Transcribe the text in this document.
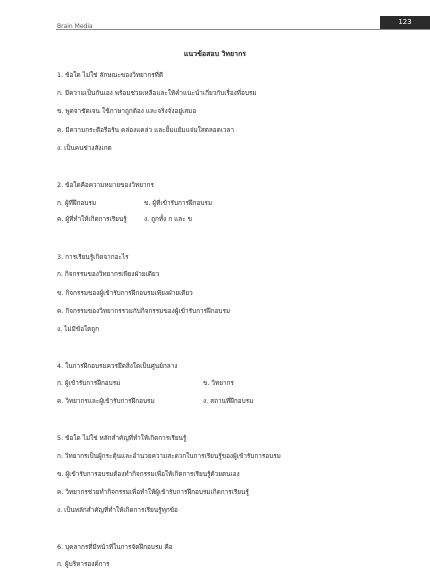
Brain Media
123
แนวข้อสอบ วิทยากร
1. ข้อใด ไม่ใช่ ลักษณะของวิทยากรที่ดี
ก. มีความเป็นกันเอง พร้อมช่วยเหลือและให้คำแนะนำเกี่ยวกับเรื่องที่อบรม
ข. พูดจาชัดเจน ใช้ภาษาถูกต้อง และจริงจังอยู่เสมอ
ค. มีความกระตือรือร้น คล่องแคล่ว และยิ้มแย้มแจ่มใสตลอดเวลา
ง. เป็นคนช่างสังเกต
2. ข้อใดคือความหมายของวิทยากร
ก. ผู้ที่ฝึกอบรม	ข. ผู้ที่เข้ารับการฝึกอบรม
ค. ผู้ที่ทำให้เกิดการเรียนรู้	ง. ถูกทั้ง ก และ ข
3. การเรียนรู้เกิดจากอะไร
ก. กิจกรรมของวิทยากรเพียงฝ่ายเดียว
ข. กิจกรรมของผู้เข้ารับการฝึกอบรมเพียงฝ่ายเดียว
ค. กิจกรรมของวิทยากรรวมกับกิจกรรมของผู้เข้ารับการฝึกอบรม
ง. ไม่มีข้อใดถูก
4. ในการฝึกอบรมควรยึดสิ่งใดเป็นศูนย์กลาง
ก. ผู้เข้ารับการฝึกอบรม	ข. วิทยากร
ค. วิทยากรและผู้เข้ารับการฝึกอบรม	ง. สถานที่ฝึกอบรม
5. ข้อใด ไม่ใช่ หลักสำคัญที่ทำให้เกิดการเรียนรู้
ก. วิทยากรเป็นผู้กระตุ้นและอำนวยความสะดวกในการเรียนรู้ของผู้เข้ารับการอบรม
ข. ผู้เข้ารับการอบรมต้องทำกิจกรรมเพื่อให้เกิดการเรียนรู้ด้วยตนเอง
ค. วิทยากรช่วยทำกิจกรรมเพื่อทำให้ผู้เข้ารับการฝึกอบรมเกิดการเรียนรู้
ง. เป็นหลักสำคัญที่ทำให้เกิดการเรียนรู้ทุกข้อ
6. บุคลากรที่มีหน้าที่ในการจัดฝึกอบรม คือ
ก. ผู้บริหารองค์การ
